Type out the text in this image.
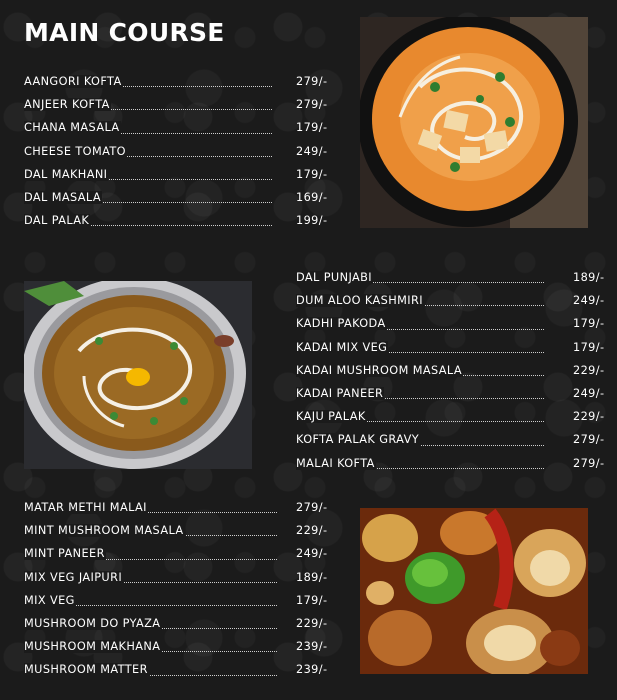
MAIN COURSE
AANGORI KOFTA	279/-
ANJEER KOFTA	279/-
CHANA MASALA	179/-
CHEESE TOMATO	249/-
DAL MAKHANI	179/-
DAL MASALA	169/-
DAL PALAK	199/-
DAL PUNJABI	189/-
DUM ALOO KASHMIRI	249/-
KADHI PAKODA	179/-
KADAI MIX VEG	179/-
KADAI MUSHROOM MASALA	229/-
KADAI PANEER	249/-
KAJU PALAK	229/-
KOFTA PALAK GRAVY	279/-
MALAI KOFTA	279/-
MATAR METHI MALAI	279/-
MINT MUSHROOM MASALA	229/-
MINT PANEER	249/-
MIX VEG JAIPURI	189/-
MIX VEG	179/-
MUSHROOM DO PYAZA	229/-
MUSHROOM MAKHANA	239/-
MUSHROOM MATTER	239/-
